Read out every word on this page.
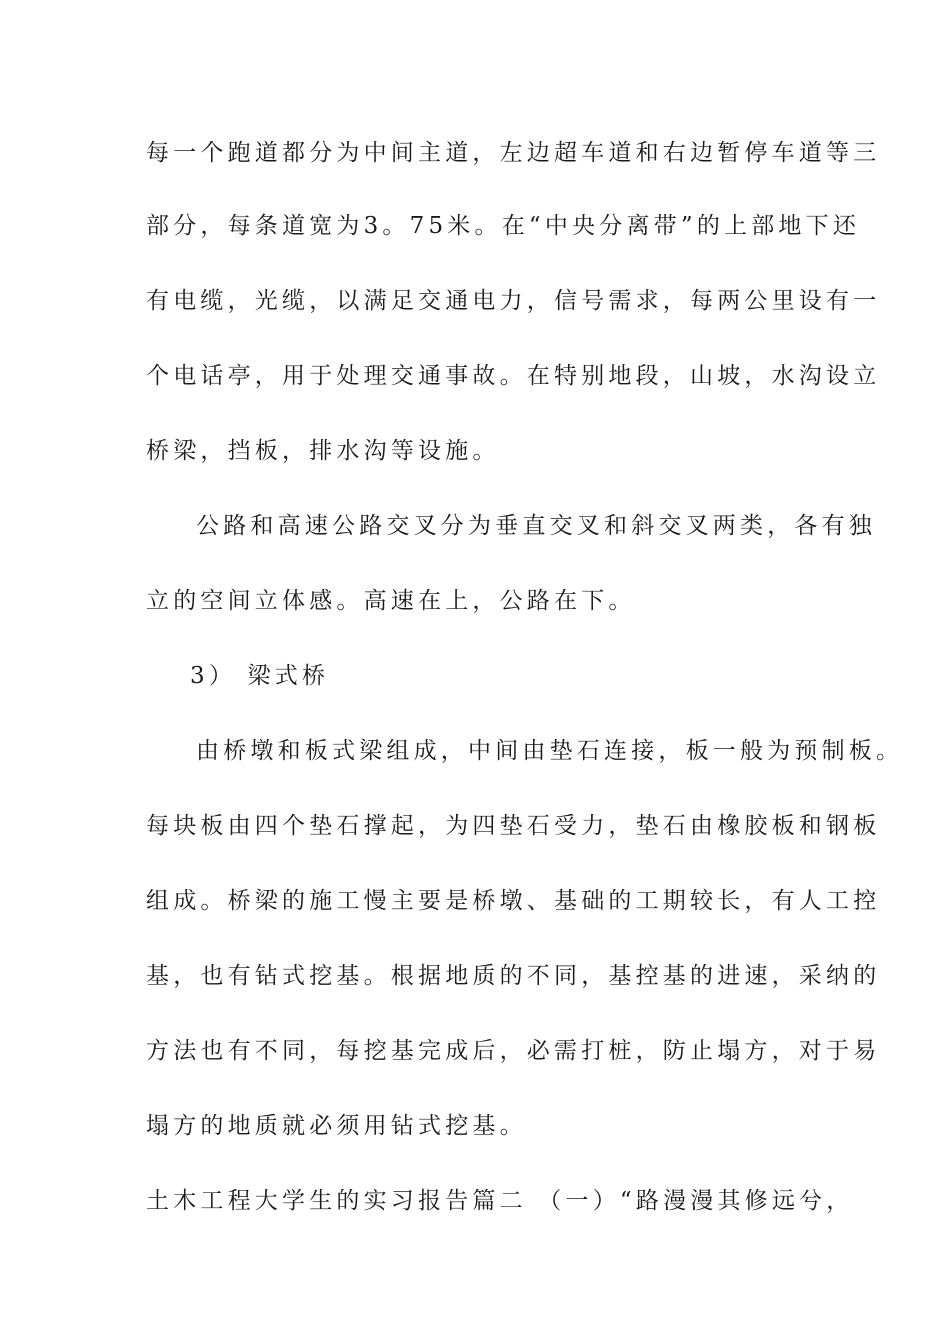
每一个跑道都分为中间主道，左边超车道和右边暂停车道等三
部分，每条道宽为3。75米。在“中央分离带”的上部地下还
有电缆，光缆，以满足交通电力，信号需求，每两公里设有一
个电话亭，用于处理交通事故。在特别地段，山坡，水沟设立
桥梁，挡板，排水沟等设施。
公路和高速公路交叉分为垂直交叉和斜交叉两类，各有独
立的空间立体感。高速在上，公路在下。
3） 梁式桥
由桥墩和板式梁组成，中间由垫石连接，板一般为预制板。
每块板由四个垫石撑起，为四垫石受力，垫石由橡胶板和钢板
组成。桥梁的施工慢主要是桥墩、基础的工期较长，有人工控
基，也有钻式挖基。根据地质的不同，基控基的进速，采纳的
方法也有不同，每挖基完成后，必需打桩，防止塌方，对于易
塌方的地质就必须用钻式挖基。
土木工程大学生的实习报告篇二 （一）“路漫漫其修远兮，
